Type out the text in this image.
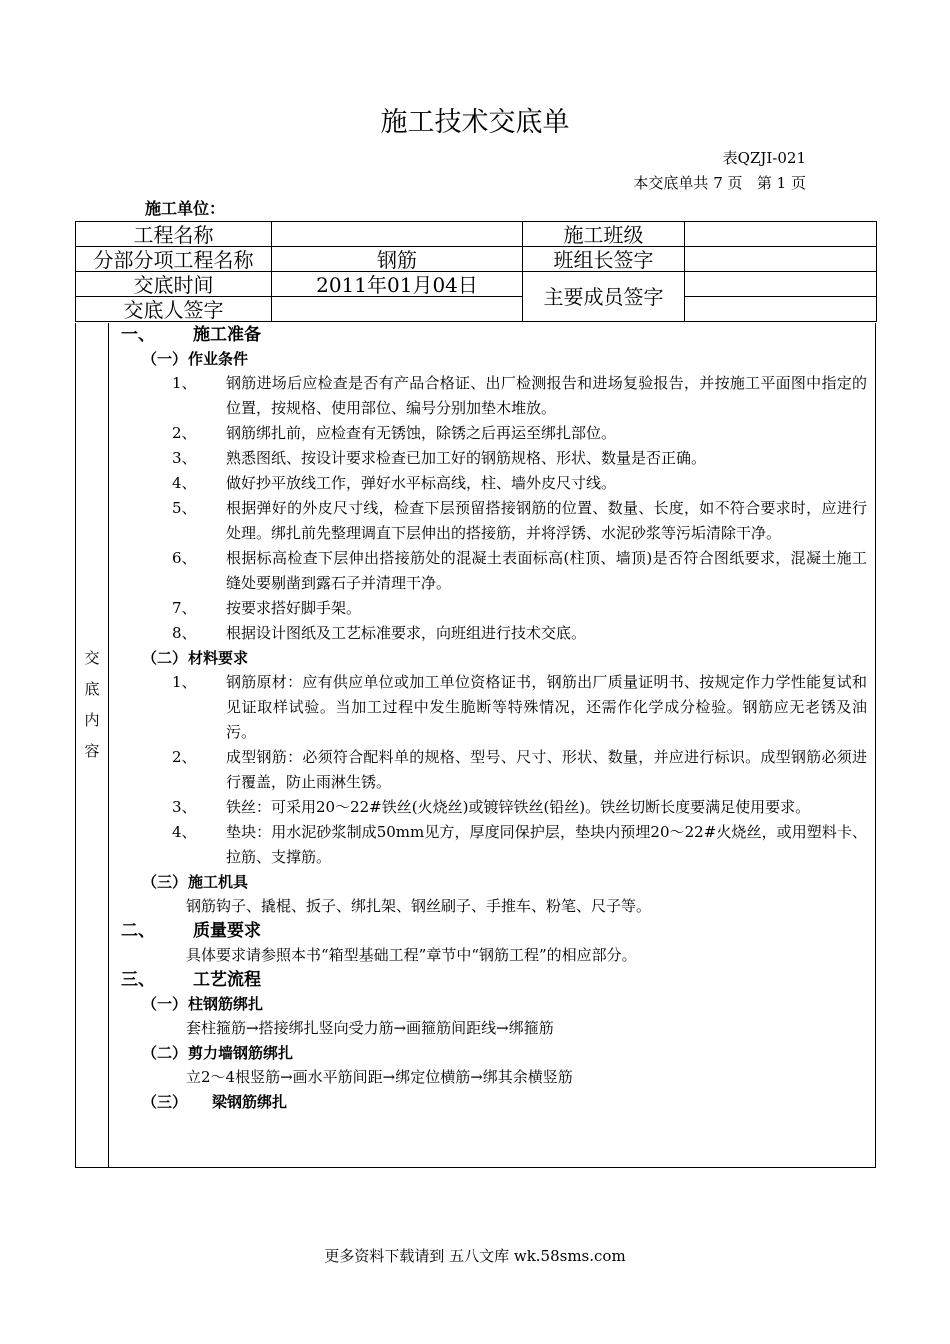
施工技术交底单
表QZJI-021
本交底单共 7 页 第 1 页
施工单位：
工程名称		施工班级	
分部分项工程名称	钢筋	班组长签字	
交底时间	2011年01月04日	主要成员签字	
交底人签字			
交
底
内
容
一、 施工准备
（一）作业条件
1、 钢筋进场后应检查是否有产品合格证、出厂检测报告和进场复验报告，并按施工平面图中指定的位置，按规格、使用部位、编号分别加垫木堆放。
2、 钢筋绑扎前，应检查有无锈蚀，除锈之后再运至绑扎部位。
3、 熟悉图纸、按设计要求检查已加工好的钢筋规格、形状、数量是否正确。
4、 做好抄平放线工作，弹好水平标高线，柱、墙外皮尺寸线。
5、 根据弹好的外皮尺寸线，检查下层预留搭接钢筋的位置、数量、长度，如不符合要求时，应进行处理。绑扎前先整理调直下层伸出的搭接筋，并将浮锈、水泥砂浆等污垢清除干净。
6、 根据标高检查下层伸出搭接筋处的混凝土表面标高(柱顶、墙顶)是否符合图纸要求，混凝土施工缝处要剔凿到露石子并清理干净。
7、 按要求搭好脚手架。
8、 根据设计图纸及工艺标准要求，向班组进行技术交底。
（二）材料要求
1、 钢筋原材：应有供应单位或加工单位资格证书，钢筋出厂质量证明书、按规定作力学性能复试和见证取样试验。当加工过程中发生脆断等特殊情况，还需作化学成分检验。钢筋应无老锈及油污。
2、 成型钢筋：必须符合配料单的规格、型号、尺寸、形状、数量，并应进行标识。成型钢筋必须进行覆盖，防止雨淋生锈。
3、 铁丝：可采用20～22#铁丝(火烧丝)或镀锌铁丝(铅丝)。铁丝切断长度要满足使用要求。
4、 垫块：用水泥砂浆制成50mm见方，厚度同保护层，垫块内预埋20～22#火烧丝，或用塑料卡、拉筋、支撑筋。
（三）施工机具
钢筋钩子、撬棍、扳子、绑扎架、钢丝刷子、手推车、粉笔、尺子等。
二、 质量要求
具体要求请参照本书“箱型基础工程”章节中“钢筋工程”的相应部分。
三、 工艺流程
（一）柱钢筋绑扎
套柱箍筋→搭接绑扎竖向受力筋→画箍筋间距线→绑箍筋
（二）剪力墙钢筋绑扎
立2～4根竖筋→画水平筋间距→绑定位横筋→绑其余横竖筋
（三） 梁钢筋绑扎
更多资料下载请到 五八文库 wk.58sms.com
